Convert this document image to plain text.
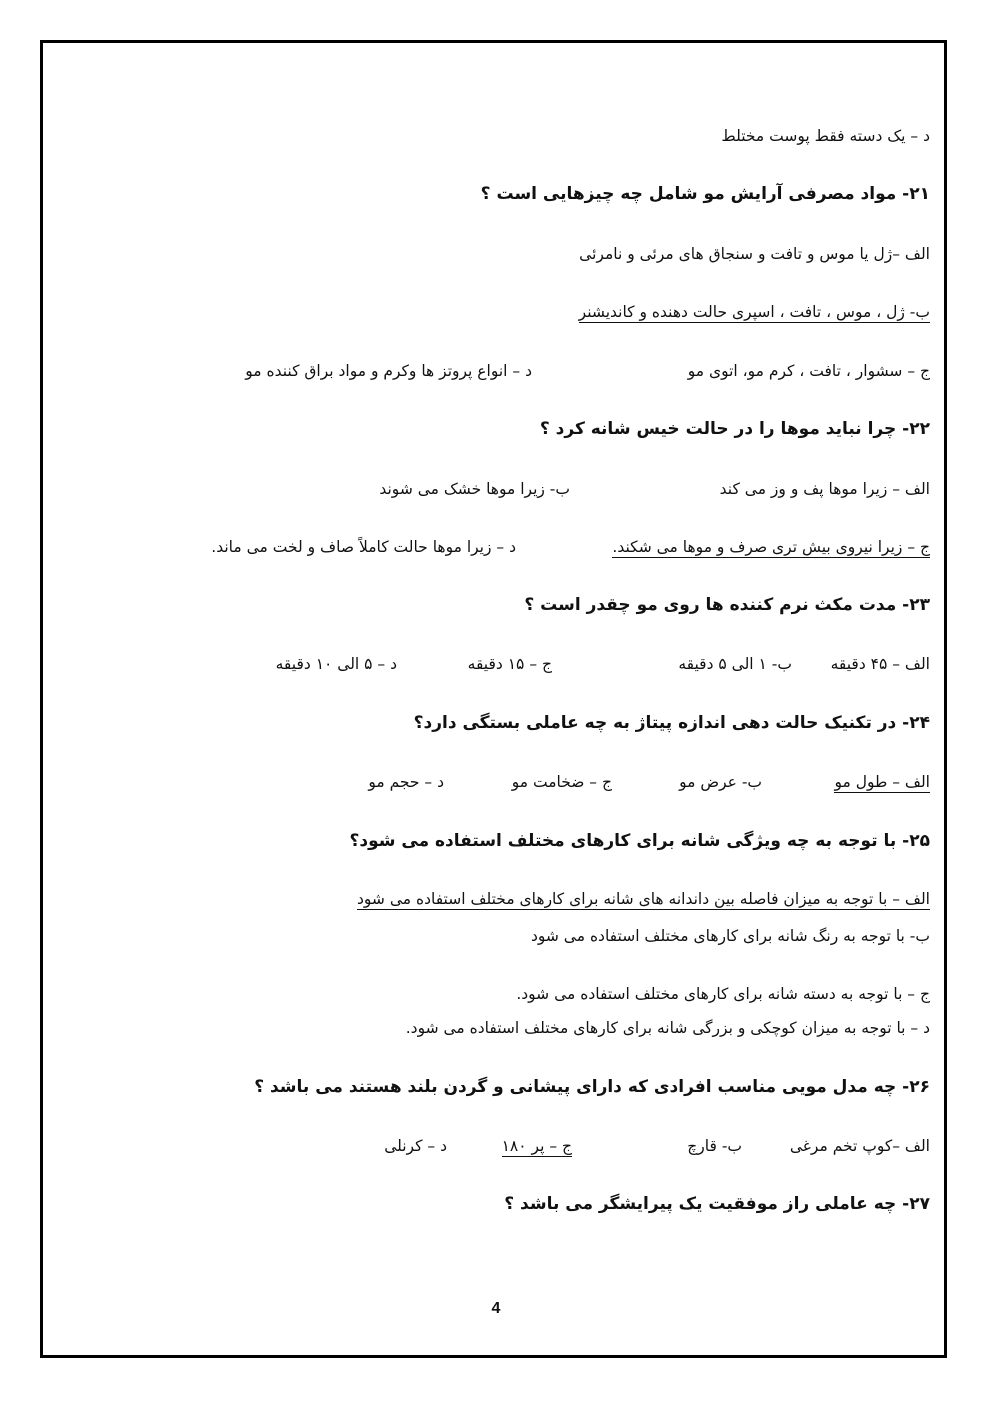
د – یک دسته فقط پوست مختلط
۲۱- مواد مصرفی آرایش مو شامل چه چیزهایی است ؟
الف –ژل یا موس و تافت و سنجاق های مرئی و نامرئی
ب- ژل ، موس ، تافت ، اسپری حالت دهنده و کاندیشنر
ج – سشوار ، تافت ، کرم مو، اتوی مو
د – انواع پروتز ها وکرم و مواد براق کننده مو
۲۲- چرا نباید موها را در حالت خیس شانه کرد ؟
الف – زیرا موها پف و وز می کند
ب- زیرا موها خشک می شوند
ج – زیرا نیروی بیش تری صرف و موها می شکند.
د – زیرا موها حالت کاملاً صاف و لخت می ماند.
۲۳- مدت مکث نرم کننده ها روی مو چقدر است ؟
الف – ۴۵ دقیقه
ب- ۱ الی ۵ دقیقه
ج – ۱۵ دقیقه
د – ۵ الی ۱۰ دقیقه
۲۴- در تکنیک حالت دهی اندازه پیتاژ به چه عاملی بستگی دارد؟
الف – طول مو
ب- عرض مو
ج – ضخامت مو
د – حجم مو
۲۵- با توجه به چه ویژگی شانه برای کارهای مختلف استفاده می شود؟
الف – با توجه به میزان فاصله بین داندانه های شانه برای کارهای مختلف استفاده می شود
ب- با توجه به رنگ شانه برای کارهای مختلف استفاده می شود
ج – با توجه به دسته شانه برای کارهای مختلف استفاده می شود.
د – با توجه به میزان کوچکی و بزرگی شانه برای کارهای مختلف استفاده می شود.
۲۶- چه مدل مویی مناسب افرادی که دارای پیشانی و گردن بلند هستند می باشد ؟
الف –کوپ تخم مرغی
ب- قارچ
ج – پر ۱۸۰
د – کرنلی
۲۷- چه عاملی راز موفقیت یک پیرایشگر می باشد ؟
4
